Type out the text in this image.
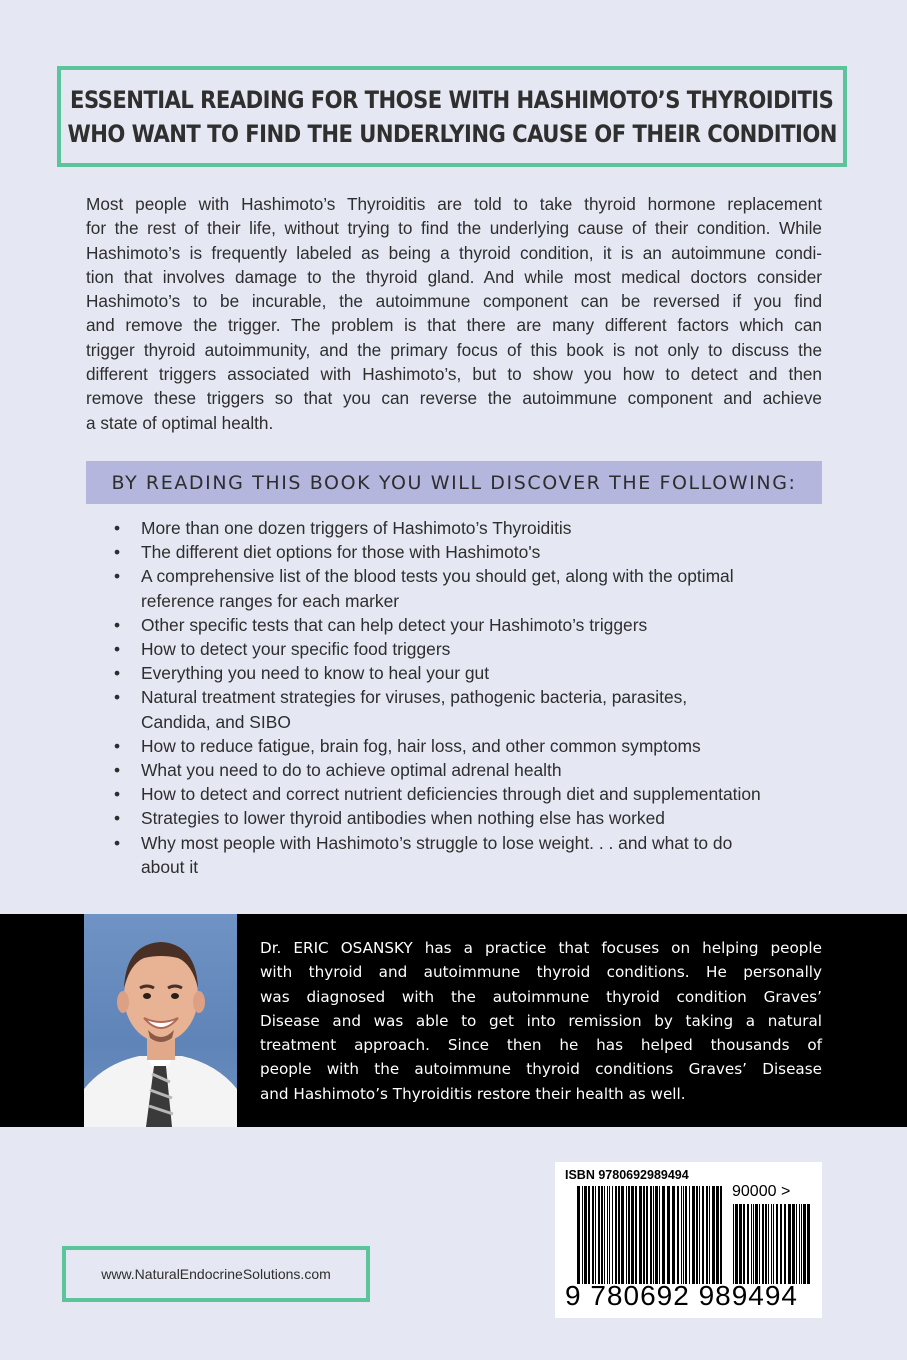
ESSENTIAL READING FOR THOSE WITH HASHIMOTO’S THYROIDITIS
WHO WANT TO FIND THE UNDERLYING CAUSE OF THEIR CONDITION
Most people with Hashimoto’s Thyroiditis are told to take thyroid hormone replacement
for the rest of their life, without trying to find the underlying cause of their condition. While
Hashimoto’s is frequently labeled as being a thyroid condition, it is an autoimmune condi-
tion that involves damage to the thyroid gland. And while most medical doctors consider
Hashimoto’s to be incurable, the autoimmune component can be reversed if you find
and remove the trigger. The problem is that there are many different factors which can
trigger thyroid autoimmunity, and the primary focus of this book is not only to discuss the
different triggers associated with Hashimoto’s, but to show you how to detect and then
remove these triggers so that you can reverse the autoimmune component and achieve
a state of optimal health.
BY READING THIS BOOK YOU WILL DISCOVER THE FOLLOWING:
• More than one dozen triggers of Hashimoto’s Thyroiditis
• The different diet options for those with Hashimoto's
• A comprehensive list of the blood tests you should get, along with the optimal
reference ranges for each marker
• Other specific tests that can help detect your Hashimoto’s triggers
• How to detect your specific food triggers
• Everything you need to know to heal your gut
• Natural treatment strategies for viruses, pathogenic bacteria, parasites,
Candida, and SIBO
• How to reduce fatigue, brain fog, hair loss, and other common symptoms
• What you need to do to achieve optimal adrenal health
• How to detect and correct nutrient deficiencies through diet and supplementation
• Strategies to lower thyroid antibodies when nothing else has worked
• Why most people with Hashimoto’s struggle to lose weight. . . and what to do
about it
Dr. ERIC OSANSKY has a practice that focuses on helping people
with thyroid and autoimmune thyroid conditions. He personally
was diagnosed with the autoimmune thyroid condition Graves’
Disease and was able to get into remission by taking a natural
treatment approach. Since then he has helped thousands of
people with the autoimmune thyroid conditions Graves’ Disease
and Hashimoto’s Thyroiditis restore their health as well.
ISBN 9780692989494
90000 >
9 780692 989494
www.NaturalEndocrineSolutions.com
